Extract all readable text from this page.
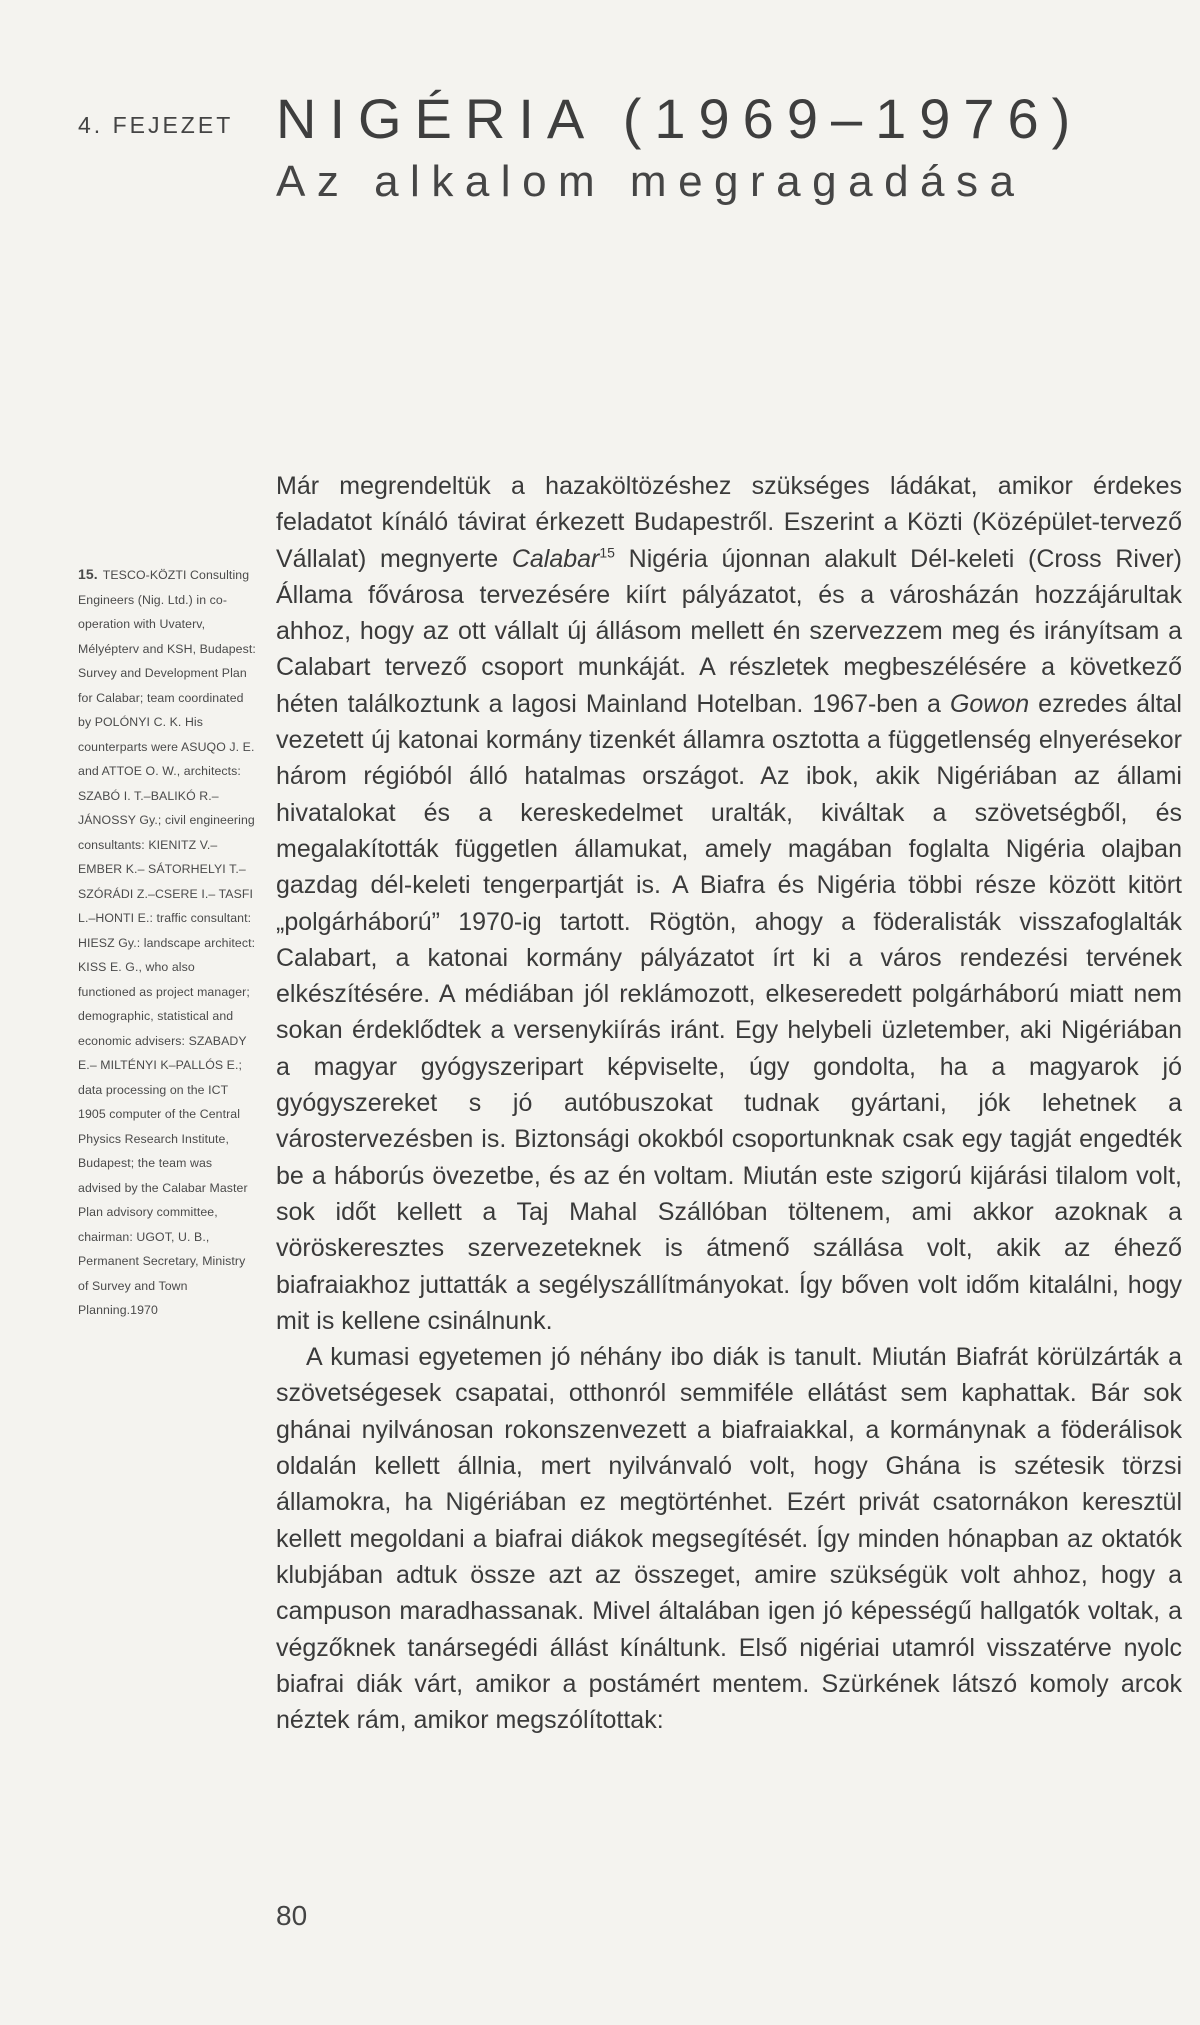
4. FEJEZET NIGÉRIA (1969–1976)
Az alkalom megragadása
15. TESCO-KÖZTI Consulting Engineers (Nig. Ltd.) in co-operation with Uvaterv, Mélyépterv and KSH, Budapest: Survey and Development Plan for Calabar; team coordinated by POLÓNYI C. K. His counterparts were ASUQO J. E. and ATTOE O. W., architects: SZABÓ I. T.–BALIKÓ R.–JÁNOSSY Gy.; civil engineering consultants: KIENITZ V.– EMBER K.– SÁTORHELYI T.– SZÓRÁDI Z.–CSERE I.– TASFI L.–HONTI E.: traffic consultant: HIESZ Gy.: landscape architect: KISS E. G., who also functioned as project manager; demographic, statistical and economic advisers: SZABADY E.– MILTÉNYI K–PALLÓS E.; data processing on the ICT 1905 computer of the Central Physics Research Institute, Budapest; the team was advised by the Calabar Master Plan advisory committee, chairman: UGOT, U. B., Permanent Secretary, Ministry of Survey and Town Planning.1970

Már megrendeltük a hazaköltözéshez szükséges ládákat, amikor érdekes feladatot kínáló távirat érkezett Budapestről. Eszerint a Közti (Középület-tervező Vállalat) megnyerte Calabar$^{15}$ Nigéria újonnan alakult Dél-keleti (Cross River) Állama fővárosa tervezésére kiírt pályázatot, és a városházán hozzájárultak ahhoz, hogy az ott vállalt új állásom mellett én szervezzem meg és irányítsam a Calabart tervező csoport munkáját. A részletek megbeszélésére a következő héten találkoztunk a lagosi Mainland Hotelban. 1967-ben a Gowon ezredes által vezetett új katonai kormány tizenkét államra osztotta a függetlenség elnyerésekor három régióból álló hatalmas országot. Az ibok, akik Nigériában az állami hivatalokat és a kereskedelmet uralták, kiváltak a szövetségből, és megalakították független államukat, amely magában foglalta Nigéria olajban gazdag dél-keleti tengerpartját is. A Biafra és Nigéria többi része között kitört „polgárháború” 1970-ig tartott. Rögtön, ahogy a föderalisták visszafoglalták Calabart, a katonai kormány pályázatot írt ki a város rendezési tervének elkészítésére. A médiában jól reklámozott, elkeseredett polgárháború miatt nem sokan érdeklődtek a versenykiírás iránt. Egy helybeli üzletember, aki Nigériában a magyar gyógyszeripart képviselte, úgy gondolta, ha a magyarok jó gyógyszereket s jó autóbuszokat tudnak gyártani, jók lehetnek a várostervezésben is. Biztonsági okokból csoportunknak csak egy tagját engedték be a háborús övezetbe, és az én voltam. Miután este szigorú kijárási tilalom volt, sok időt kellett a Taj Mahal Szállóban töltenem, ami akkor azoknak a vöröskeresztes szervezeteknek is átmenő szállása volt, akik az éhező biafraiakhoz juttatták a segélyszállítmányokat. Így bőven volt időm kitalálni, hogy mit is kellene csinálnunk.

A kumasi egyetemen jó néhány ibo diák is tanult. Miután Biafrát körülzárták a szövetségesek csapatai, otthonról semmiféle ellátást sem kaphattak. Bár sok ghánai nyilvánosan rokonszenvezett a biafraiakkal, a kormánynak a föderálisok oldalán kellett állnia, mert nyilvánvaló volt, hogy Ghána is szétesik törzsi államokra, ha Nigériában ez megtörténhet. Ezért privát csatornákon keresztül kellett megoldani a biafrai diákok megsegítését. Így minden hónapban az oktatók klubjában adtuk össze azt az összeget, amire szükségük volt ahhoz, hogy a campuson maradhassanak. Mivel általában igen jó képességű hallgatók voltak, a végzőknek tanársegédi állást kínáltunk. Első nigériai utamról visszatérve nyolc biafrai diák várt, amikor a postámért mentem. Szürkének látszó komoly arcok néztek rám, amikor megszólítottak:

80
